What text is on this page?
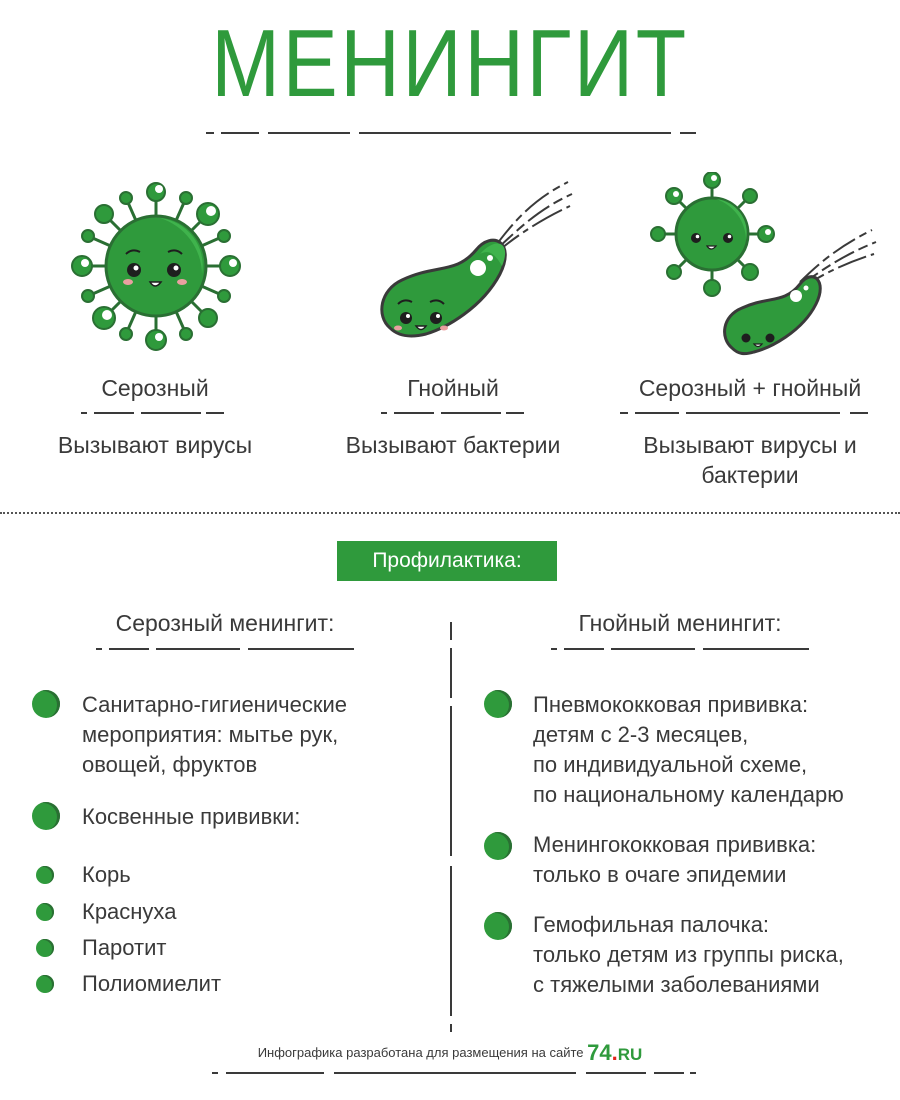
МЕНИНГИТ
Серозный
Вызывают вирусы
Гнойный
Вызывают бактерии
Серозный + гнойный
Вызывают вирусы и
бактерии
Профилактика:
Серозный менингит:	Гнойный менингит:
Санитарно-гигиенические
мероприятия: мытье рук,
овощей, фруктов
Косвенные прививки:
Корь
Краснуха
Паротит
Полиомиелит
Пневмококковая прививка:
детям с 2-3 месяцев,
по индивидуальной схеме,
по национальному календарю
Менингококковая прививка:
только в очаге эпидемии
Гемофильная палочка:
только детям из группы риска,
с тяжелыми заболеваниями
Инфографика разработана для размещения на сайте 74.RU
